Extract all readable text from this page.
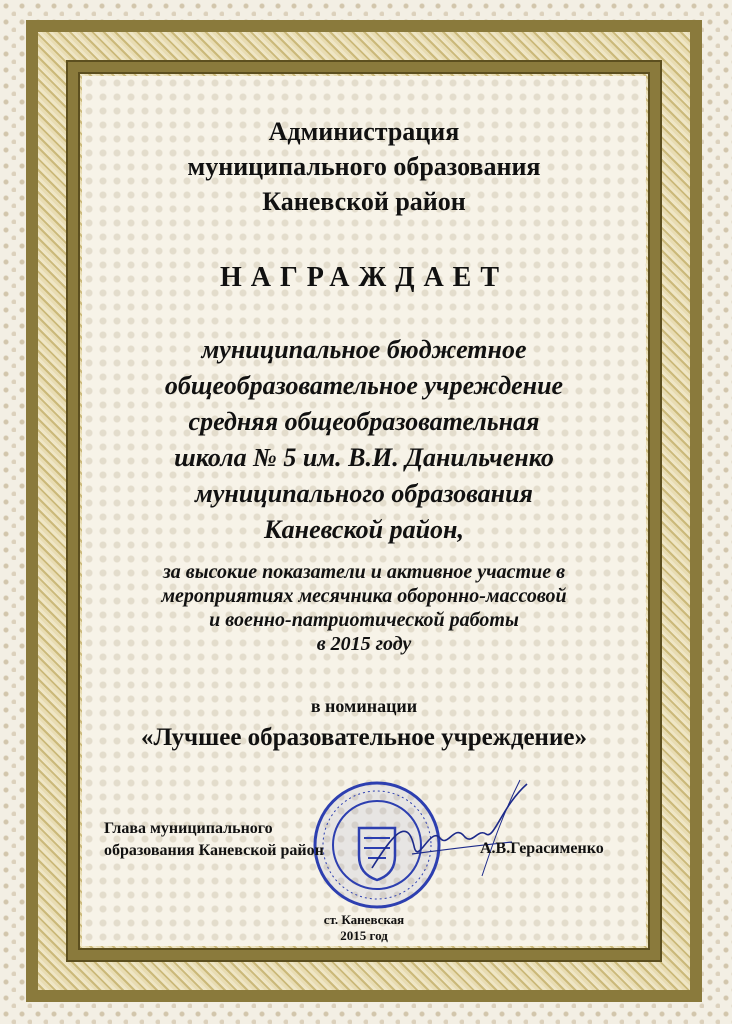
Администрация
муниципального образования
Каневской район
НАГРАЖДАЕТ
муниципальное бюджетное
общеобразовательное учреждение
средняя общеобразовательная
школа № 5 им. В.И. Данильченко
муниципального образования
Каневской район,
за высокие показатели и активное участие в
мероприятиях месячника оборонно-массовой
и военно-патриотической работы
в 2015 году
в номинации
«Лучшее образовательное учреждение»
Глава муниципального
образования Каневской район	А.В.Герасименко
ст. Каневская
2015 год
